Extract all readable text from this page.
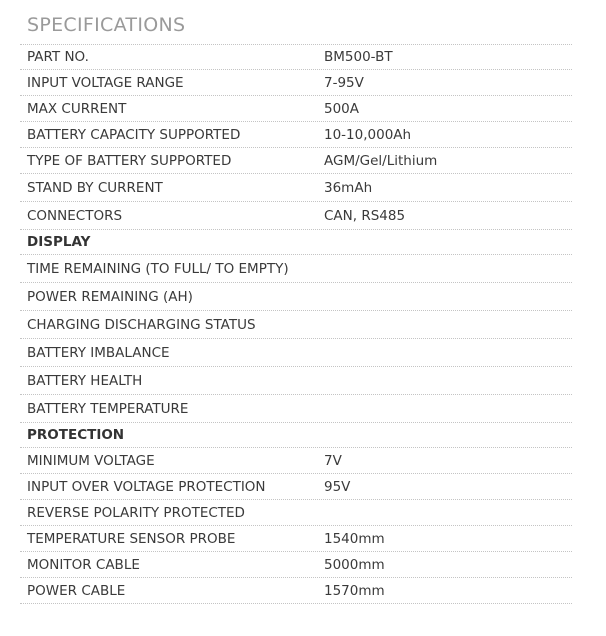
SPECIFICATIONS
PART NO.	BM500-BT
INPUT VOLTAGE RANGE	7-95V
MAX CURRENT	500A
BATTERY CAPACITY SUPPORTED	10-10,000Ah
TYPE OF BATTERY SUPPORTED	AGM/Gel/Lithium
STAND BY CURRENT	36mAh
CONNECTORS	CAN, RS485
DISPLAY
TIME REMAINING (TO FULL/ TO EMPTY)
POWER REMAINING (AH)
CHARGING DISCHARGING STATUS
BATTERY IMBALANCE
BATTERY HEALTH
BATTERY TEMPERATURE
PROTECTION
MINIMUM VOLTAGE	7V
INPUT OVER VOLTAGE PROTECTION	95V
REVERSE POLARITY PROTECTED
TEMPERATURE SENSOR PROBE	1540mm
MONITOR CABLE	5000mm
POWER CABLE	1570mm
